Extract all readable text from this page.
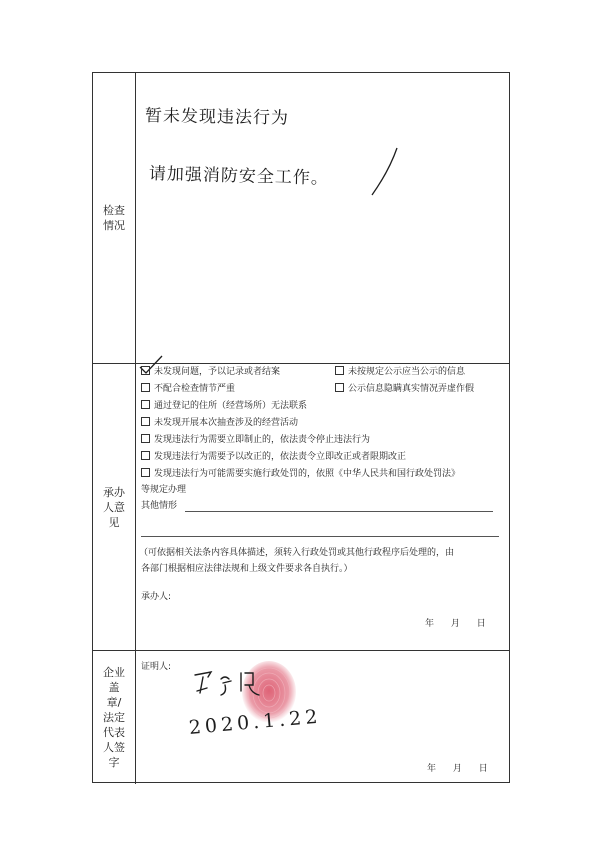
检查情况
暂未发现违法行为
请加强消防安全工作。
承办人意见
未发现问题，予以记录或者结案	未按规定公示应当公示的信息
不配合检查情节严重	公示信息隐瞒真实情况弄虚作假
通过登记的住所（经营场所）无法联系
未发现开展本次抽查涉及的经营活动
发现违法行为需要立即制止的，依法责令停止违法行为
发现违法行为需要予以改正的，依法责令立即改正或者限期改正
发现违法行为可能需要实施行政处罚的，依照《中华人民共和国行政处罚法》
等规定办理
其他情形
（可依据相关法条内容具体描述，须转入行政处罚或其他行政程序后处理的，由
各部门根据相应法律法规和上级文件要求各自执行。）
承办人:
年 月 日
企业盖章/法定代表人签字
证明人:
2020.1.22
年 月 日
